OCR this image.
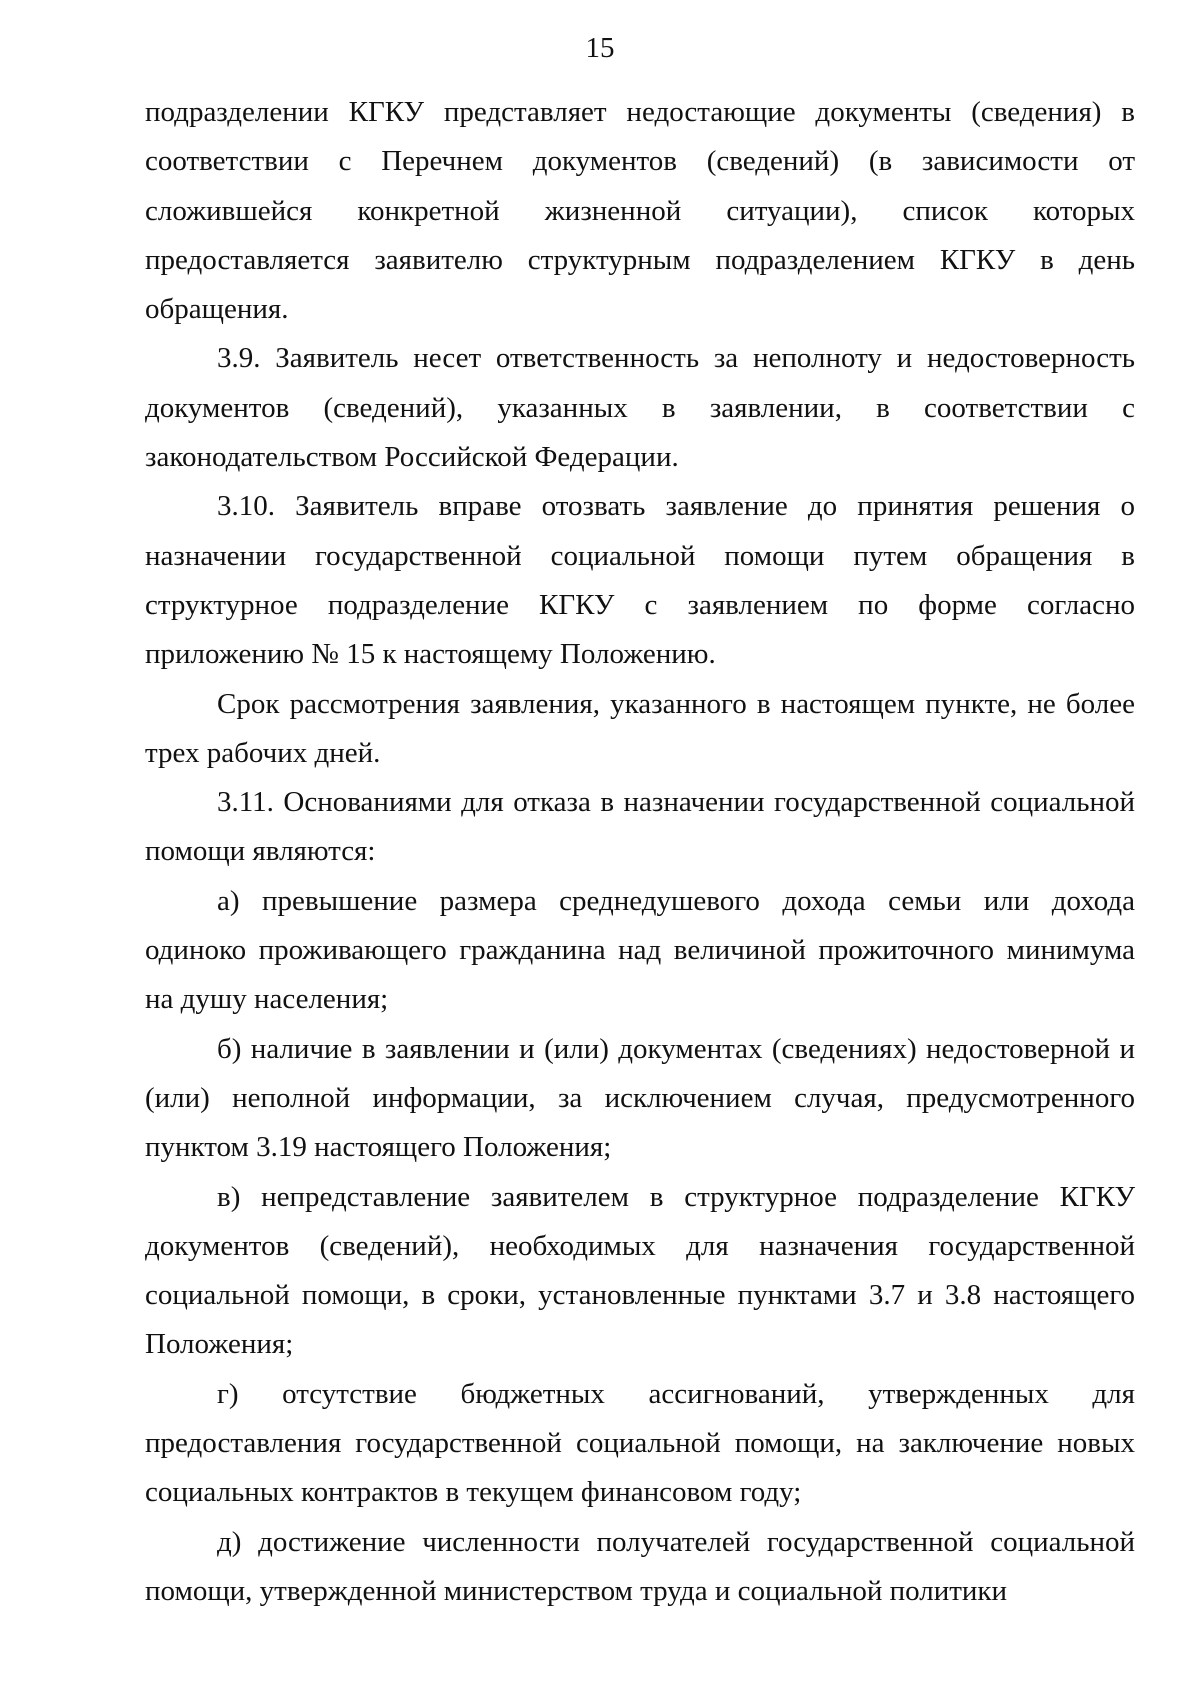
15

подразделении КГКУ представляет недостающие документы (сведения) в соответствии с Перечнем документов (сведений) (в зависимости от сложившейся конкретной жизненной ситуации), список которых предоставляется заявителю структурным подразделением КГКУ в день обращения.

3.9. Заявитель несет ответственность за неполноту и недостоверность документов (сведений), указанных в заявлении, в соответствии с законодательством Российской Федерации.

3.10. Заявитель вправе отозвать заявление до принятия решения о назначении государственной социальной помощи путем обращения в структурное подразделение КГКУ с заявлением по форме согласно приложению № 15 к настоящему Положению.

Срок рассмотрения заявления, указанного в настоящем пункте, не более трех рабочих дней.

3.11. Основаниями для отказа в назначении государственной социальной помощи являются:

а) превышение размера среднедушевого дохода семьи или дохода одиноко проживающего гражданина над величиной прожиточного минимума на душу населения;

б) наличие в заявлении и (или) документах (сведениях) недостоверной и (или) неполной информации, за исключением случая, предусмотренного пунктом 3.19 настоящего Положения;

в) непредставление заявителем в структурное подразделение КГКУ документов (сведений), необходимых для назначения государственной социальной помощи, в сроки, установленные пунктами 3.7 и 3.8 настоящего Положения;

г) отсутствие бюджетных ассигнований, утвержденных для предоставления государственной социальной помощи, на заключение новых социальных контрактов в текущем финансовом году;

д) достижение численности получателей государственной социальной помощи, утвержденной министерством труда и социальной политики
